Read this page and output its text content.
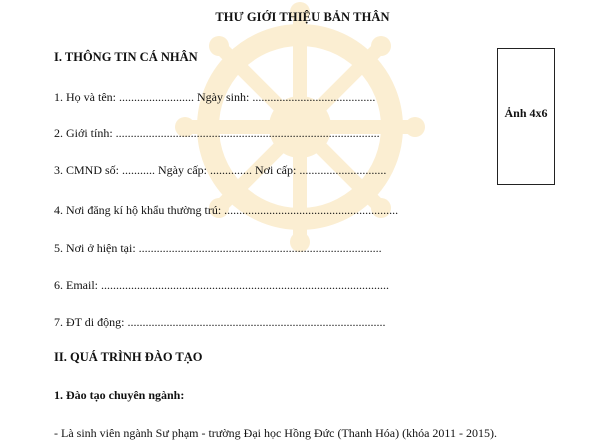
THƯ GIỚI THIỆU BẢN THÂN
I. THÔNG TIN CÁ NHÂN
1. Họ và tên: ......................... Ngày sinh: .........................................
2. Giới tính: ........................................................................................
3. CMND số: ........... Ngày cấp: .............. Nơi cấp: .............................
4. Nơi đăng kí hộ khẩu thường trú: ..........................................................
5. Nơi ở hiện tại: .................................................................................
6. Email: ................................................................................................
7. ĐT di động: ......................................................................................
Ảnh 4x6
II. QUÁ TRÌNH ĐÀO TẠO
1. Đào tạo chuyên ngành:
- Là sinh viên ngành Sư phạm - trường Đại học Hồng Đức (Thanh Hóa) (khóa 2011 - 2015).
